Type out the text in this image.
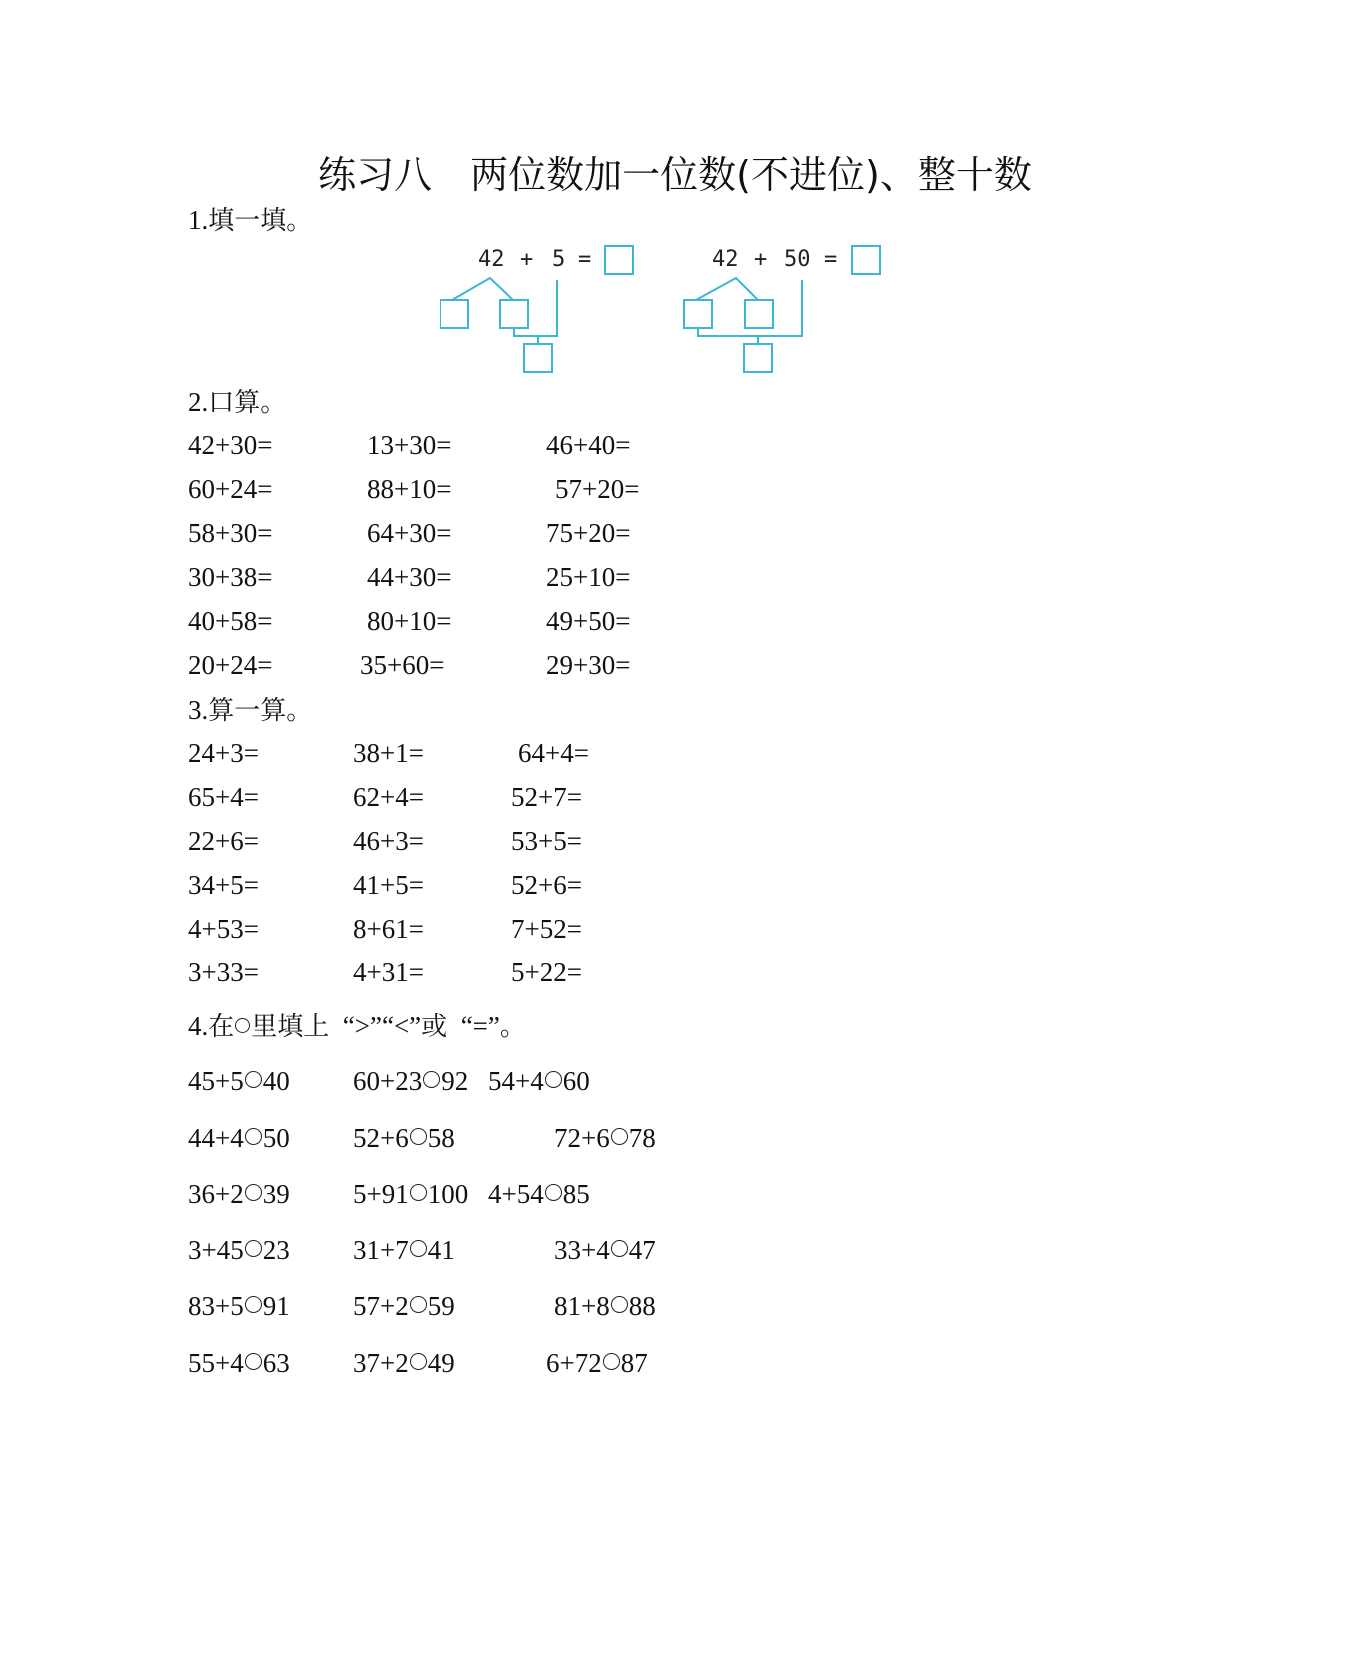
练习八　两位数加一位数(不进位)、整十数
1.填一填。
42 + 5 =	42 + 50 =
2.口算。
42+30=	13+30=	46+40=
60+24=	88+10=	57+20=
58+30=	64+30=	75+20=
30+38=	44+30=	25+10=
40+58=	80+10=	49+50=
20+24=	35+60=	29+30=
3.算一算。
24+3=	38+1=	64+4=
65+4=	62+4=	52+7=
22+6=	46+3=	53+5=
34+5=	41+5=	52+6=
4+53=	8+61=	7+52=
3+33=	4+31=	5+22=
4.在 里填上 “>”“<”或 “=”。
45+5 40 60+23 92 54+4 60
44+4 50 52+6 58	72+6 78
36+2 39 5+91 100 4+54 85
3+45 23 31+7 41	33+4 47
83+5 91 57+2 59	81+8 88
55+4 63 37+2 49	6+72 87
